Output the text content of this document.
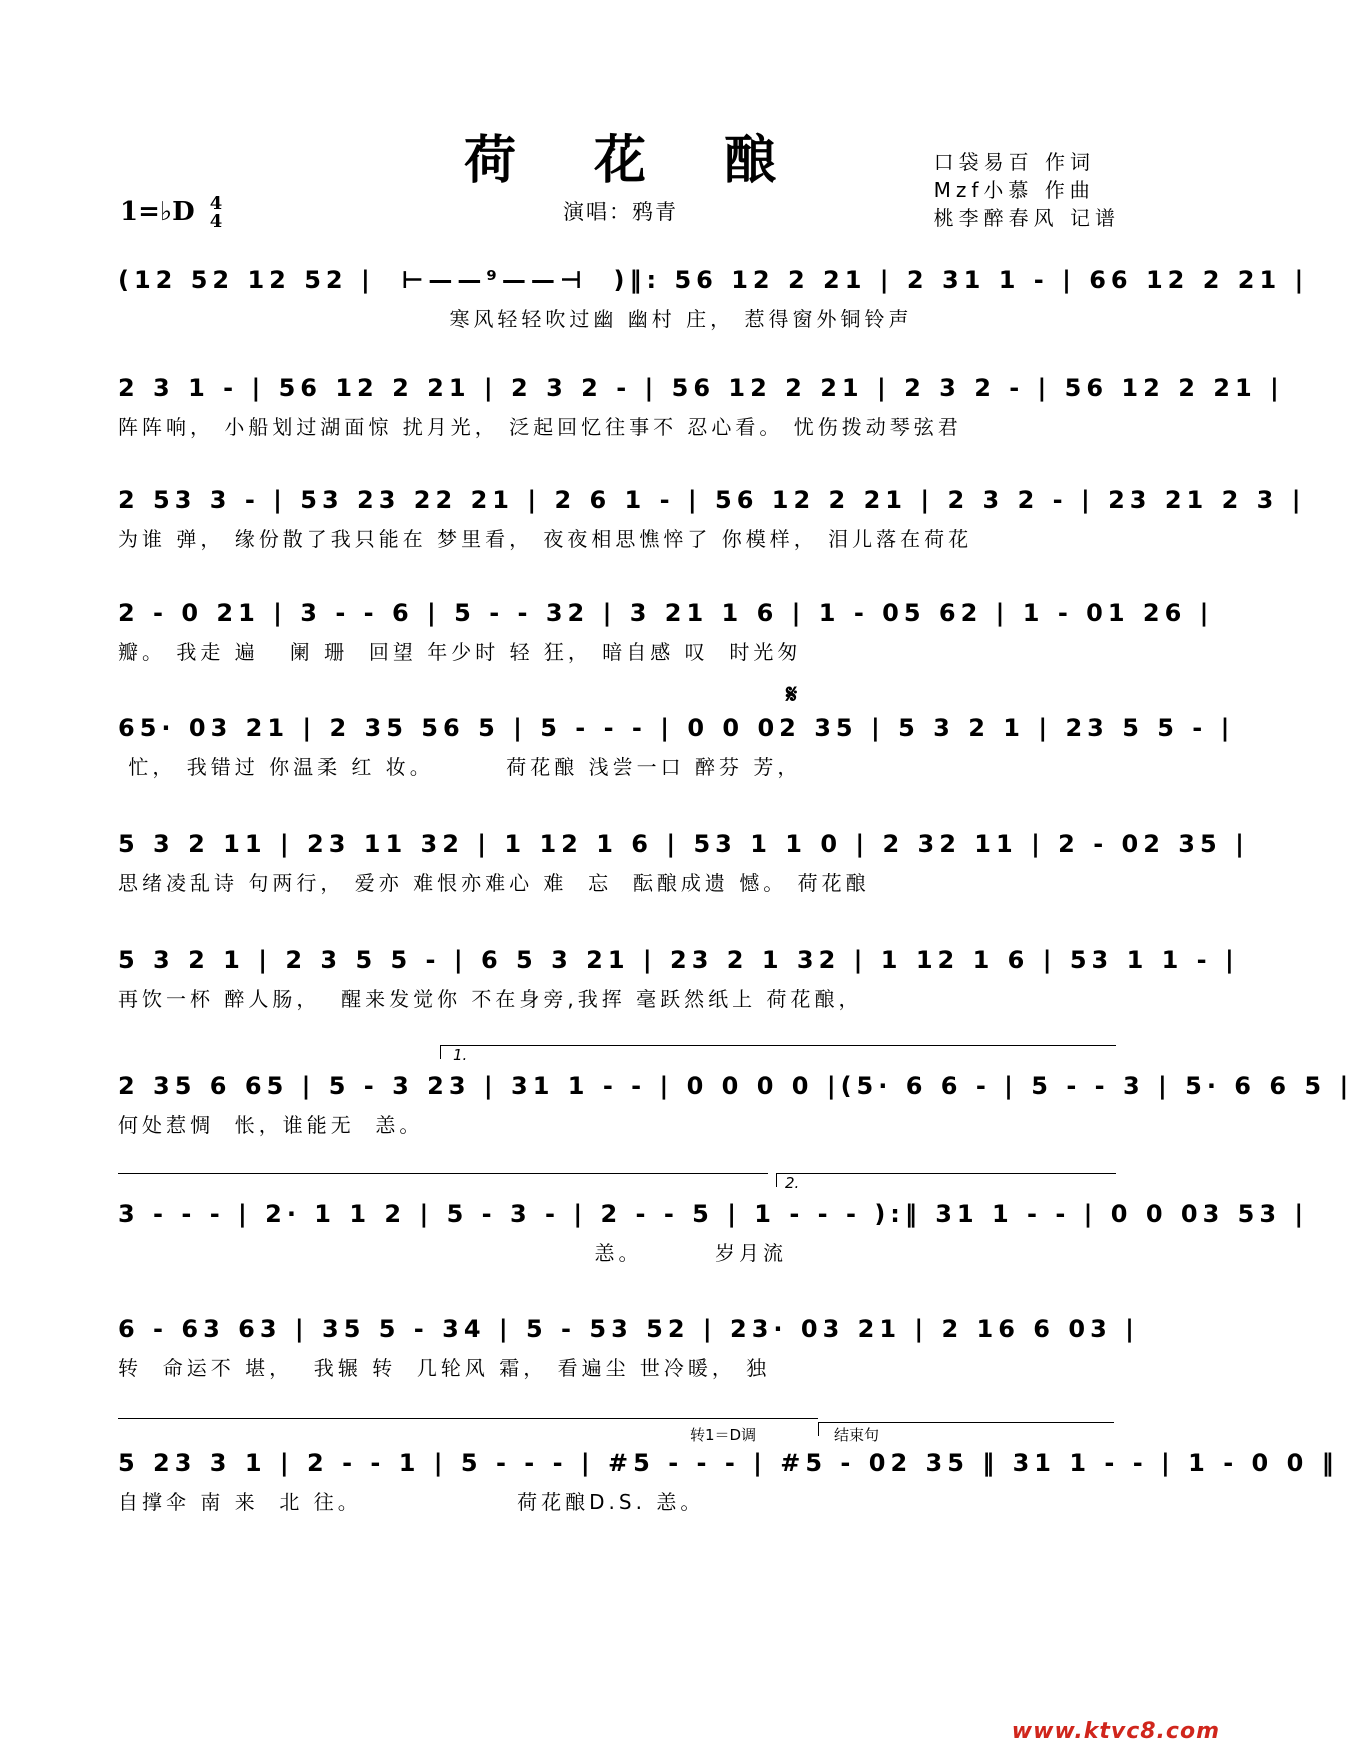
荷花酿	口袋易百 作词
Mzf小慕 作曲
桃李醉春风 记谱
1=♭D 4
4	演唱：鸦青
(12 52 12 52 |  ⊢——⁹——⊣  )‖: 56 12 2 21 | 2 31 1 - | 66 12 2 21 |
寒风轻轻吹过幽 幽村 庄， 惹得窗外铜铃声
2 3 1 - | 56 12 2 21 | 2 3 2 - | 56 12 2 21 | 2 3 2 - | 56 12 2 21 |
阵阵响， 小船划过湖面惊 扰月光， 泛起回忆往事不 忍心看。 忧伤拨动琴弦君
2 53 3 - | 53 23 22 21 | 2 6 1 - | 56 12 2 21 | 2 3 2 - | 23 21 2 3 |
为谁 弹， 缘份散了我只能在 梦里看， 夜夜相思憔悴了 你模样， 泪儿落在荷花
2 - 0 21 | 3 - - 6 | 5 - - 32 | 3 21 1 6 | 1 - 05 62 | 1 - 01 26 |
瓣。 我走 遍   阑 珊  回望 年少时 轻 狂， 暗自感 叹  时光匆
65· 03 21 | 2 35 56 5 | 5 - - - | 0 0 02 35 | 5 3 2 1 | 23 5 5 - |
忙， 我错过 你温柔 红 妆。       荷花酿 浅尝一口 醉芬 芳，
5 3 2 11 | 23 11 32 | 1 12 1 6 | 53 1 1 0 | 2 32 11 | 2 - 02 35 |
思绪凌乱诗 句两行， 爱亦 难恨亦难心 难  忘  酝酿成遗 憾。 荷花酿
5 3 2 1 | 2 3 5 5 - | 6 5 3 21 | 23 2 1 32 | 1 12 1 6 | 53 1 1 - |
再饮一杯 醉人肠，  醒来发觉你 不在身旁,我挥 毫跃然纸上 荷花酿，
2 35 6 65 | 5 - 3 23 | 31 1 - - | 0 0 0 0 |(5· 6 6 - | 5 - - 3 | 5· 6 6 5 |
何处惹惆  怅，谁能无  恙。
3 - - - | 2· 1 1 2 | 5 - 3 - | 2 - - 5 | 1 - - - ):‖ 31 1 - - | 0 0 03 53 |
恙。       岁月流
6 - 63 63 | 35 5 - 34 | 5 - 53 52 | 23· 03 21 | 2 16 6 03 |
转  命运不 堪，  我辗 转  几轮风 霜， 看遍尘 世冷暖， 独
5 23 3 1 | 2 - - 1 | 5 - - - | #5 - - - | #5 - 02 35 ‖ 31 1 - - | 1 - 0 0 ‖
自撑伞 南 来  北 往。               荷花酿D.S. 恙。
1.
2.
结束句
转1＝D调
𝄋
www.ktvc8.com
